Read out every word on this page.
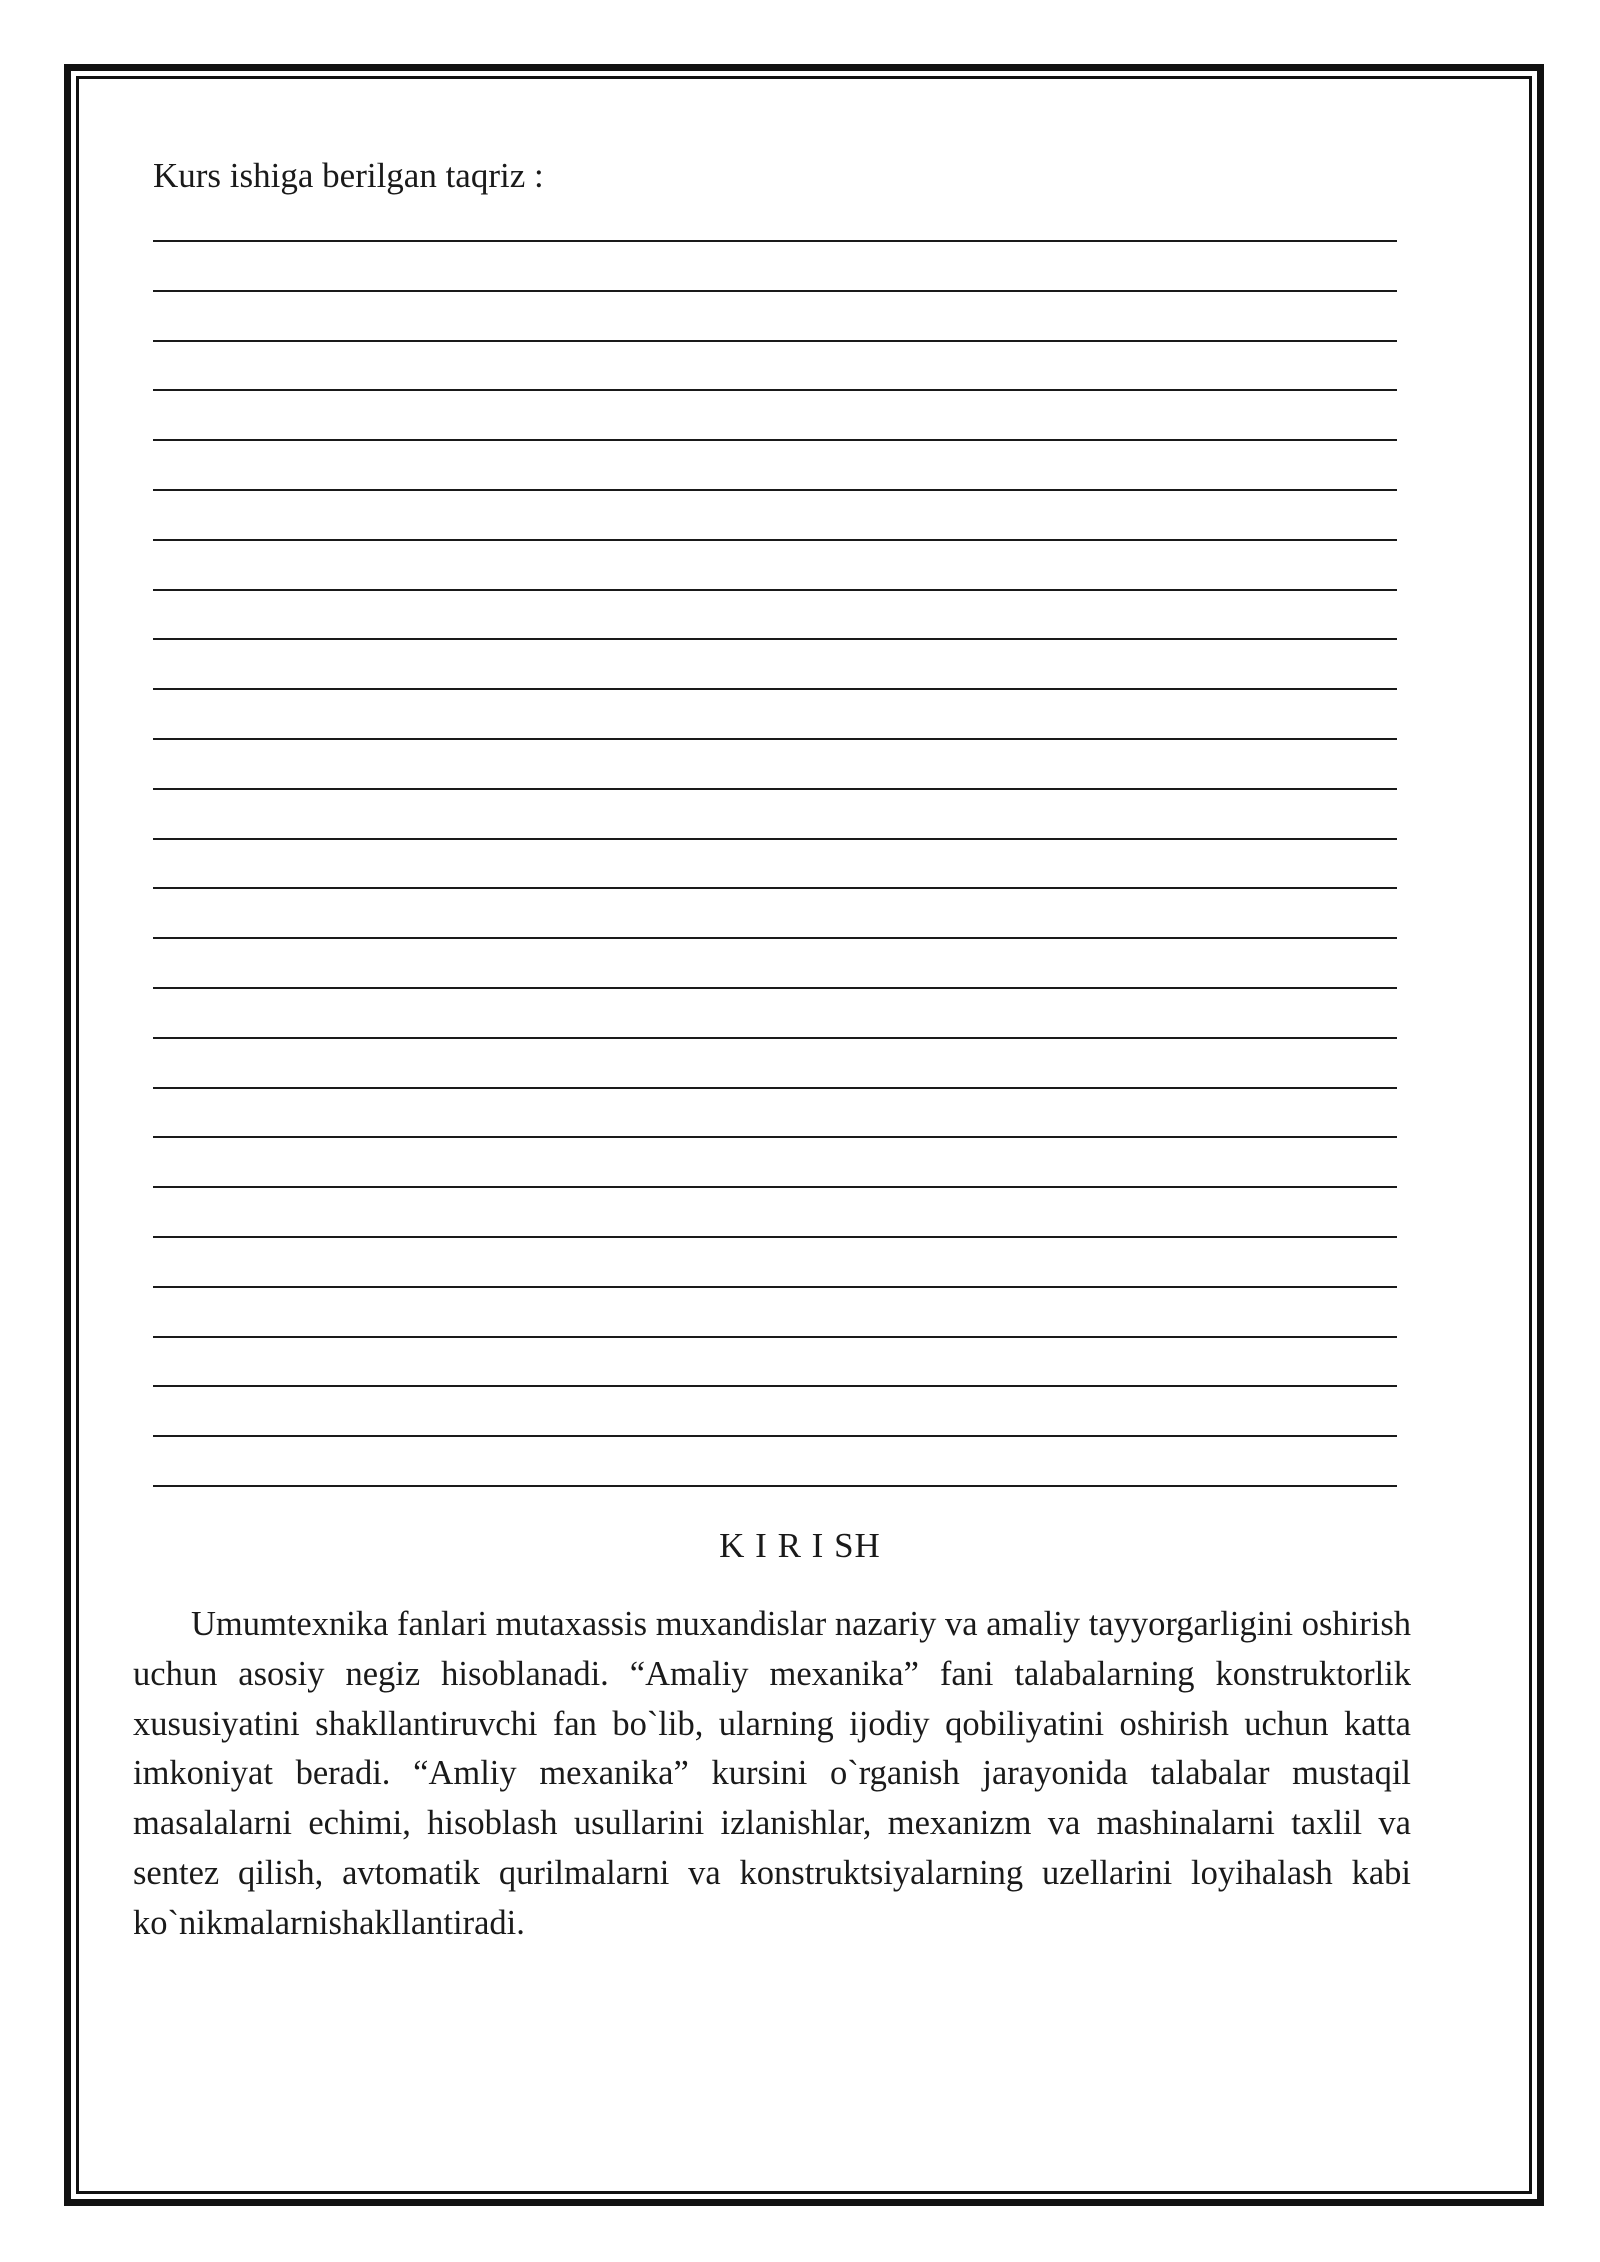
Kurs ishiga berilgan taqriz :
K I R I SH

Umumtexnika fanlari mutaxassis muxandislar nazariy va amaliy tayyorgarligini oshirish uchun asosiy negiz hisoblanadi. “Amaliy mexanika” fani talabalarning konstruktorlik xususiyatini shakllantiruvchi fan bo`lib, ularning ijodiy qobiliyatini oshirish uchun katta imkoniyat beradi. “Amliy mexanika” kursini o`rganish jarayonida talabalar mustaqil masalalarni echimi, hisoblash usullarini izlanishlar, mexanizm va mashinalarni taxlil va sentez qilish, avtomatik qurilmalarni va konstruktsiyalarning uzellarini loyihalash kabi ko`nikmalarnishakllantiradi.
